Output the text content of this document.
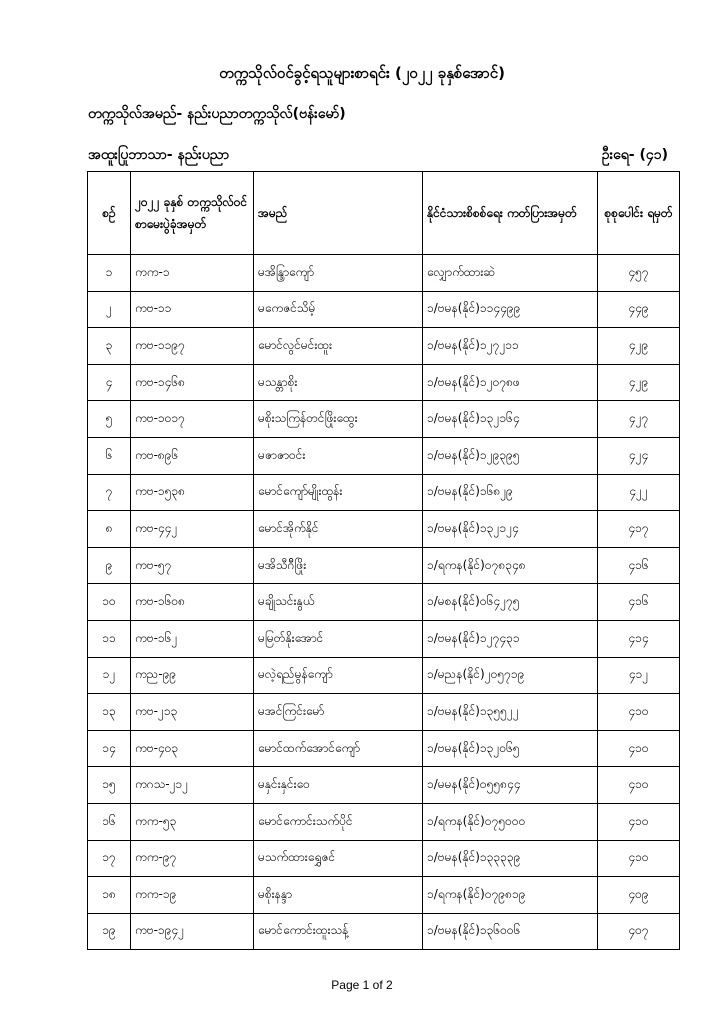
တက္ကသိုလ်ဝင်ခွင့်ရသူများစာရင်း (၂၀၂၂ ခုနှစ်အောင်)
တက္ကသိုလ်အမည်- နည်းပညာတက္ကသိုလ်(ဗန်းမော်)
အထူးပြုဘာသာ- နည်းပညာ	ဦးရေ- (၄၁)
စဉ်	၂၀၂၂ ခုနှစ် တက္ကသိုလ်ဝင် စာမေးပွဲခုံအမှတ်	အမည်	နိုင်ငံသားစိစစ်ရေး ကတ်ပြားအမှတ်	စုစုပေါင်း ရမှတ်
၁	ကက-၁	မအိန္ဒြာကျော်	လျှောက်ထားဆဲ	၄၅၇
၂	ကဗ-၁၁	မကေဇင်သိမ့်	၁/ဗမန(နိုင်)၁၁၄၄၉၉	၄၄၉
၃	ကဗ-၁၁၉၇	မောင်လွင်မင်းထူး	၁/ဗမန(နိုင်)၁၂၇၂၁၁	၄၂၉
၄	ကဗ-၁၄၆၈	မသန္တာစိုး	၁/ဗမန(နိုင်)၁၂၀၇၈ဖ	၄၂၉
၅	ကဗ-၁၀၁၇	မစိုးသကြန်တင်ဖြိုးထွေး	၁/ဗမန(နိုင်)၁၃၂၁၆၄	၄၂၇
၆	ကဗ-၈၉၆	မဇာဇာဝင်း	၁/ဗမန(နိုင်)၁၂၉၃၉၅	၄၂၄
၇	ကဗ-၁၅၃၈	မောင်ကျော်မျိုးထွန်း	၁/ဗမန(နိုင်)၁၆၈၂၉	၄၂၂
၈	ကဗ-၄၄၂	မောင်အိုက်နိုင်	၁/ဗမန(နိုင်)၁၃၂၁၂၄	၄၁၇
၉	ကဗ-၅၇	မအိသီဂိီဖြိုး	၁/ရကန(နိုင်)၀၇၈၃၄၈	၄၁၆
၁၀	ကဗ-၁၆၀၈	မချိုသင်းနွယ်	၁/မစန(နိုင်)၀၆၄၂၇၅	၄၁၆
၁၁	ကဗ-၁၆၂	မမြတ်နိုးအောင်	၁/ဗမန(နိုင်)၁၂၇၄၃၁	၄၁၄
၁၂	ကည-၉၉	မလဲ့ရည်မွန်ကျော်	၁/မညန(နိုင်)၂၀၅၇၁၉	၄၁၂
၁၃	ကဗ-၂၁၃	မအင်ကြင်းမော်	၁/ဗမန(နိုင်)၁၃၅၅၂၂	၄၁၀
၁၄	ကဗ-၄၀၃	မောင်ထက်အောင်ကျော်	၁/ဗမန(နိုင်)၁၃၂၀၆၅	၄၁၀
၁၅	ကဂသ-၂၁၂	မနှင်းနှင်းဝေ	၁/မမန(နိုင်)၀၅၅၈၄၄	၄၁၀
၁၆	ကက-၅၃	မောင်ကောင်းသက်ပိုင်	၁/ရကန(နိုင်)၀၇၅၀၀၀	၄၁၀
၁၇	ကက-၉၇	မသက်ထားရွှေဇင်	၁/ဗမန(နိုင်)၁၃၃၃၃၉	၄၁၀
၁၈	ကက-၁၉	မစိုးနန္ဒာ	၁/ရကန(နိုင်)၀၇၉၈၁၉	၄၀၉
၁၉	ကဗ-၁၉၄၂	မောင်ကောင်းထူးသန့်	၁/ဗမန(နိုင်)၁၃၆၀၀၆	၄၀၇
Page 1 of 2
